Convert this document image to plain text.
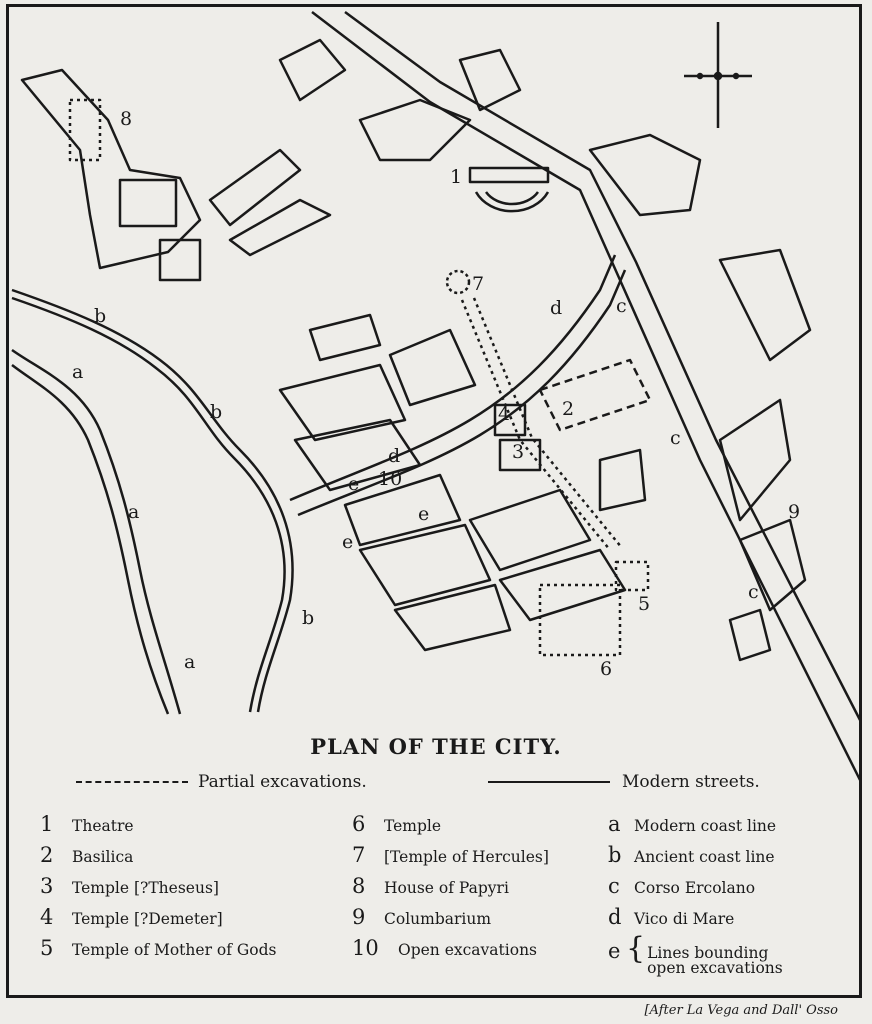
1
2
3
4
5
6
7
8
9
10
a
a
a
b
b
b
c
c
c
d
d
e
e
e
PLAN OF THE CITY.
Partial excavations.	Modern streets.
1	Theatre
2	Basilica
3	Temple [?Theseus]
4	Temple [?Demeter]
5	Temple of Mother of Gods
6	Temple
7	[Temple of Hercules]
8	House of Papyri
9	Columbarium
10	Open excavations
a Modern coast line
b Ancient coast line
c Corso Ercolano
d Vico di Mare
e { Lines bounding
open excavations
[After La Vega and Dall' Osso
